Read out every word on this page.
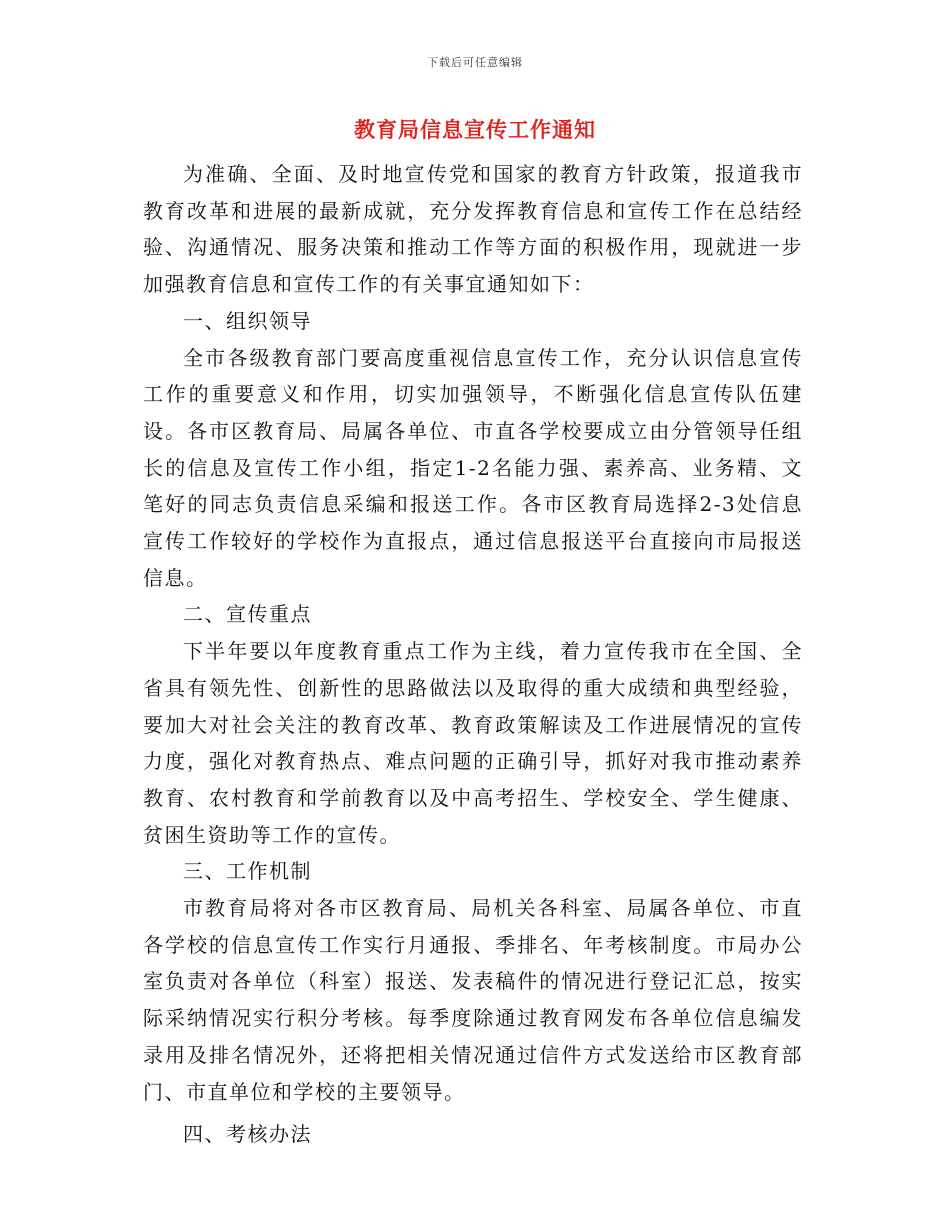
下载后可任意编辑
教育局信息宣传工作通知

为准确、全面、及时地宣传党和国家的教育方针政策，报道我市教育改革和进展的最新成就，充分发挥教育信息和宣传工作在总结经验、沟通情况、服务决策和推动工作等方面的积极作用，现就进一步加强教育信息和宣传工作的有关事宜通知如下：

一、组织领导

全市各级教育部门要高度重视信息宣传工作，充分认识信息宣传工作的重要意义和作用，切实加强领导，不断强化信息宣传队伍建设。各市区教育局、局属各单位、市直各学校要成立由分管领导任组长的信息及宣传工作小组，指定1-2名能力强、素养高、业务精、文笔好的同志负责信息采编和报送工作。各市区教育局选择2-3处信息宣传工作较好的学校作为直报点，通过信息报送平台直接向市局报送信息。

二、宣传重点

下半年要以年度教育重点工作为主线，着力宣传我市在全国、全省具有领先性、创新性的思路做法以及取得的重大成绩和典型经验，要加大对社会关注的教育改革、教育政策解读及工作进展情况的宣传力度，强化对教育热点、难点问题的正确引导，抓好对我市推动素养教育、农村教育和学前教育以及中高考招生、学校安全、学生健康、贫困生资助等工作的宣传。

三、工作机制

市教育局将对各市区教育局、局机关各科室、局属各单位、市直各学校的信息宣传工作实行月通报、季排名、年考核制度。市局办公室负责对各单位（科室）报送、发表稿件的情况进行登记汇总，按实际采纳情况实行积分考核。每季度除通过教育网发布各单位信息编发录用及排名情况外，还将把相关情况通过信件方式发送给市区教育部门、市直单位和学校的主要领导。

四、考核办法
